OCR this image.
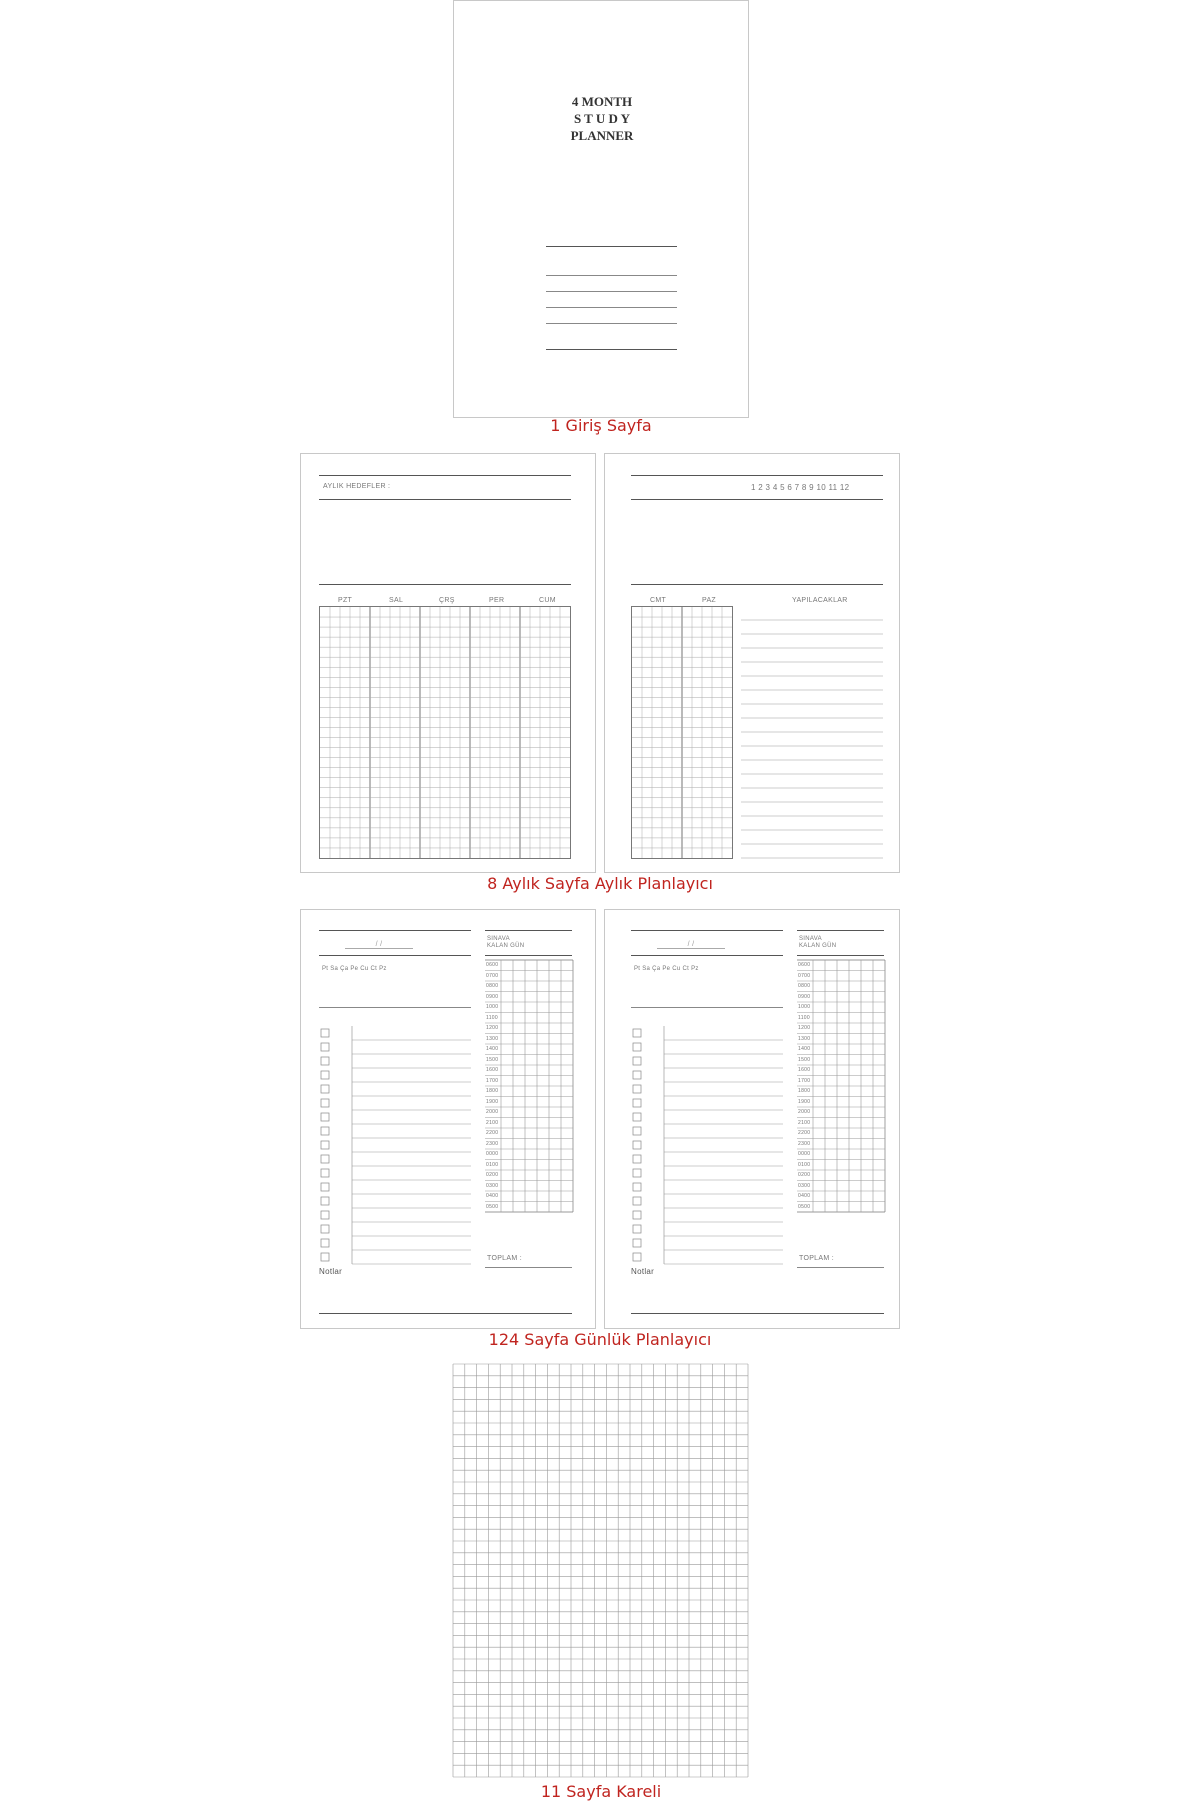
4 MONTH
S T U D Y
PLANNER
1 Giriş Sayfa
AYLIK HEDEFLER :
PZT	SAL	ÇRŞ	PER	CUM
1 2 3 4 5 6 7 8 9 10 11 12
CMT	PAZ	YAPILACAKLAR
8 Aylık Sayfa Aylık Planlayıcı
/ /
Pt Sa Ça Pe Cu Ct Pz
SINAVA
KALAN GÜN
0600
0700
0800
0900
1000
1100
1200
1300
1400
1500
1600
1700
1800
1900
2000
2100
2200
2300
0000
0100
0200
0300
0400
0500
TOPLAM :
Notlar
/ /
Pt Sa Ça Pe Cu Ct Pz
SINAVA
KALAN GÜN
0600
0700
0800
0900
1000
1100
1200
1300
1400
1500
1600
1700
1800
1900
2000
2100
2200
2300
0000
0100
0200
0300
0400
0500
TOPLAM :
Notlar
124 Sayfa Günlük Planlayıcı
11 Sayfa Kareli
